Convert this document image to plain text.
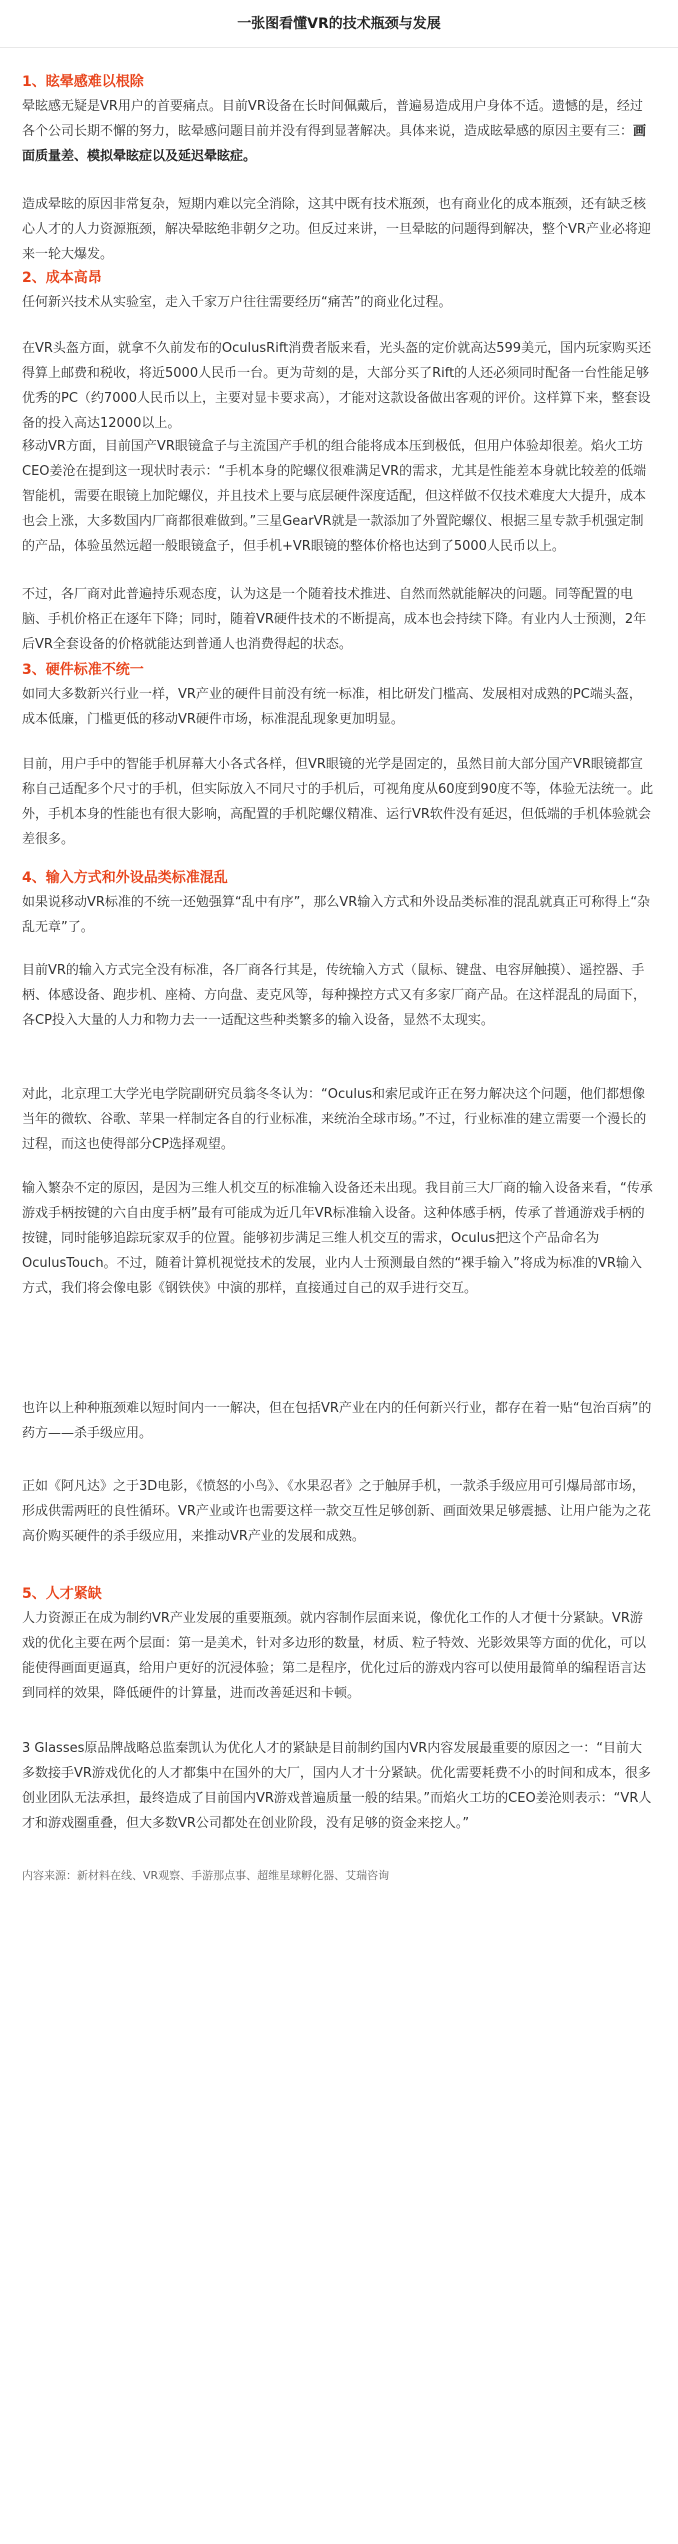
一张图看懂VR的技术瓶颈与发展
1、眩晕感难以根除
晕眩感无疑是VR用户的首要痛点。目前VR设备在长时间佩戴后，普遍易造成用户身体不适。遗憾的是，经过各个公司长期不懈的努力，眩晕感问题目前并没有得到显著解决。具体来说，造成眩晕感的原因主要有三：画面质量差、模拟晕眩症以及延迟晕眩症。
造成晕眩的原因非常复杂，短期内难以完全消除，这其中既有技术瓶颈，也有商业化的成本瓶颈，还有缺乏核心人才的人力资源瓶颈，解决晕眩绝非朝夕之功。但反过来讲，一旦晕眩的问题得到解决，整个VR产业必将迎来一轮大爆发。
2、成本高昂
任何新兴技术从实验室，走入千家万户往往需要经历“痛苦”的商业化过程。
在VR头盔方面，就拿不久前发布的OculusRift消费者版来看，光头盔的定价就高达599美元，国内玩家购买还得算上邮费和税收，将近5000人民币一台。更为苛刻的是，大部分买了Rift的人还必须同时配备一台性能足够优秀的PC（约7000人民币以上，主要对显卡要求高），才能对这款设备做出客观的评价。这样算下来，整套设备的投入高达12000以上。
移动VR方面，目前国产VR眼镜盒子与主流国产手机的组合能将成本压到极低，但用户体验却很差。焰火工坊CEO姜沧在提到这一现状时表示：“手机本身的陀螺仪很难满足VR的需求，尤其是性能差本身就比较差的低端智能机，需要在眼镜上加陀螺仪，并且技术上要与底层硬件深度适配，但这样做不仅技术难度大大提升，成本也会上涨，大多数国内厂商都很难做到。”三星GearVR就是一款添加了外置陀螺仪、根据三星专款手机强定制的产品，体验虽然远超一般眼镜盒子，但手机+VR眼镜的整体价格也达到了5000人民币以上。
不过，各厂商对此普遍持乐观态度，认为这是一个随着技术推进、自然而然就能解决的问题。同等配置的电脑、手机价格正在逐年下降；同时，随着VR硬件技术的不断提高，成本也会持续下降。有业内人士预测，2年后VR全套设备的价格就能达到普通人也消费得起的状态。
3、硬件标准不统一
如同大多数新兴行业一样，VR产业的硬件目前没有统一标准，相比研发门槛高、发展相对成熟的PC端头盔，成本低廉，门槛更低的移动VR硬件市场，标准混乱现象更加明显。
目前，用户手中的智能手机屏幕大小各式各样，但VR眼镜的光学是固定的，虽然目前大部分国产VR眼镜都宣称自己适配多个尺寸的手机，但实际放入不同尺寸的手机后，可视角度从60度到90度不等，体验无法统一。此外，手机本身的性能也有很大影响，高配置的手机陀螺仪精准、运行VR软件没有延迟，但低端的手机体验就会差很多。
4、输入方式和外设品类标准混乱
如果说移动VR标准的不统一还勉强算“乱中有序”，那么VR输入方式和外设品类标准的混乱就真正可称得上“杂乱无章”了。
目前VR的输入方式完全没有标准，各厂商各行其是，传统输入方式（鼠标、键盘、电容屏触摸）、遥控器、手柄、体感设备、跑步机、座椅、方向盘、麦克风等，每种操控方式又有多家厂商产品。在这样混乱的局面下，各CP投入大量的人力和物力去一一适配这些种类繁多的输入设备，显然不太现实。
对此，北京理工大学光电学院副研究员翁冬冬认为：“Oculus和索尼或许正在努力解决这个问题，他们都想像当年的微软、谷歌、苹果一样制定各自的行业标准，来统治全球市场。”不过，行业标准的建立需要一个漫长的过程，而这也使得部分CP选择观望。
输入繁杂不定的原因，是因为三维人机交互的标准输入设备还未出现。我目前三大厂商的输入设备来看，“传承游戏手柄按键的六自由度手柄”最有可能成为近几年VR标准输入设备。这种体感手柄，传承了普通游戏手柄的按键，同时能够追踪玩家双手的位置。能够初步满足三维人机交互的需求，Oculus把这个产品命名为OculusTouch。不过，随着计算机视觉技术的发展，业内人士预测最自然的“裸手输入”将成为标准的VR输入方式，我们将会像电影《钢铁侠》中演的那样，直接通过自己的双手进行交互。
也许以上种种瓶颈难以短时间内一一解决，但在包括VR产业在内的任何新兴行业，都存在着一贴“包治百病”的药方——杀手级应用。
正如《阿凡达》之于3D电影，《愤怒的小鸟》、《水果忍者》之于触屏手机，一款杀手级应用可引爆局部市场，形成供需两旺的良性循环。VR产业或许也需要这样一款交互性足够创新、画面效果足够震撼、让用户能为之花高价购买硬件的杀手级应用，来推动VR产业的发展和成熟。
5、人才紧缺
人力资源正在成为制约VR产业发展的重要瓶颈。就内容制作层面来说，像优化工作的人才便十分紧缺。VR游戏的优化主要在两个层面：第一是美术，针对多边形的数量，材质、粒子特效、光影效果等方面的优化，可以能使得画面更逼真，给用户更好的沉浸体验；第二是程序，优化过后的游戏内容可以使用最简单的编程语言达到同样的效果，降低硬件的计算量，进而改善延迟和卡顿。
3 Glasses原品牌战略总监秦凯认为优化人才的紧缺是目前制约国内VR内容发展最重要的原因之一：“目前大多数接手VR游戏优化的人才都集中在国外的大厂，国内人才十分紧缺。优化需要耗费不小的时间和成本，很多创业团队无法承担，最终造成了目前国内VR游戏普遍质量一般的结果。”而焰火工坊的CEO姜沧则表示：“VR人才和游戏圈重叠，但大多数VR公司都处在创业阶段，没有足够的资金来挖人。”
内容来源：新材料在线、VR观察、手游那点事、超维星球孵化器、艾瑞咨询
